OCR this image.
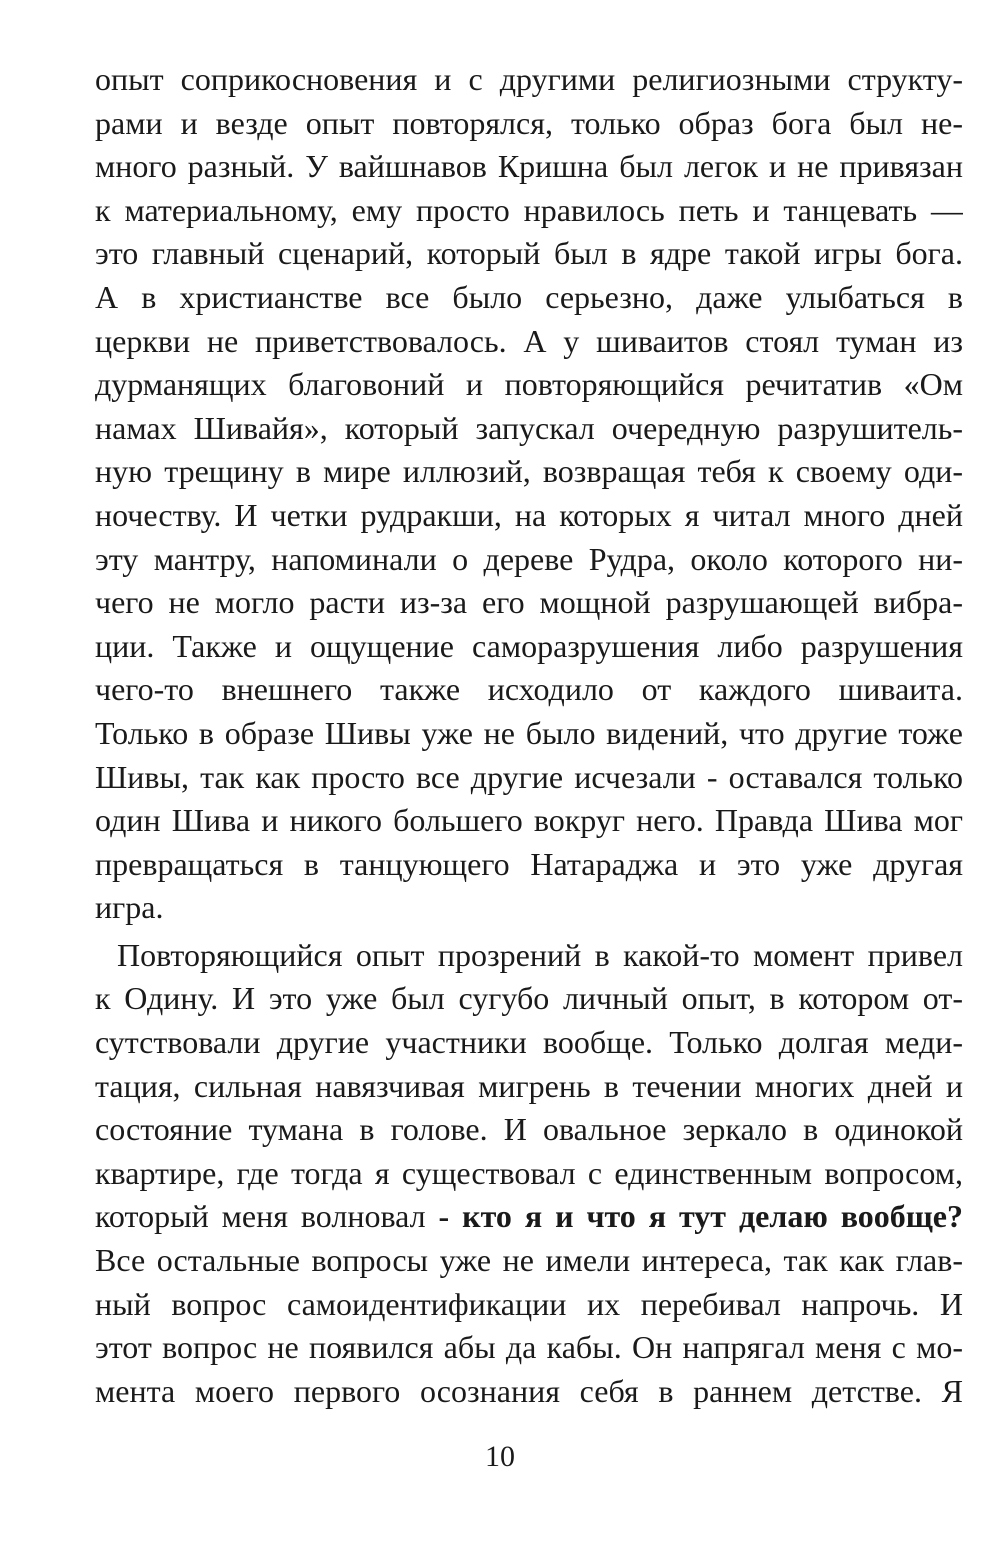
опыт соприкосновения и с другими религиозными структу-
рами и везде опыт повторялся, только образ бога был не-
много разный. У вайшнавов Кришна был легок и не привязан
к материальному, ему просто нравилось петь и танцевать —
это главный сценарий, который был в ядре такой игры бога.
А в христианстве все было серьезно, даже улыбаться в
церкви не приветствовалось. А у шиваитов стоял туман из
дурманящих благовоний и повторяющийся речитатив «Ом
намах Шивайя», который запускал очередную разрушитель-
ную трещину в мире иллюзий, возвращая тебя к своему оди-
ночеству. И четки рудракши, на которых я читал много дней
эту мантру, напоминали о дереве Рудра, около которого ни-
чего не могло расти из-за его мощной разрушающей вибра-
ции. Также и ощущение саморазрушения либо разрушения
чего-то внешнего также исходило от каждого шиваита.
Только в образе Шивы уже не было видений, что другие тоже
Шивы, так как просто все другие исчезали - оставался только
один Шива и никого большего вокруг него. Правда Шива мог
превращаться в танцующего Натараджа и это уже другая
игра.
Повторяющийся опыт прозрений в какой-то момент привел
к Одину. И это уже был сугубо личный опыт, в котором от-
сутствовали другие участники вообще. Только долгая меди-
тация, сильная навязчивая мигрень в течении многих дней и
состояние тумана в голове. И овальное зеркало в одинокой
квартире, где тогда я существовал с единственным вопросом,
который меня волновал - кто я и что я тут делаю вообще?
Все остальные вопросы уже не имели интереса, так как глав-
ный вопрос самоидентификации их перебивал напрочь. И
этот вопрос не появился абы да кабы. Он напрягал меня с мо-
мента моего первого осознания себя в раннем детстве. Я
10
